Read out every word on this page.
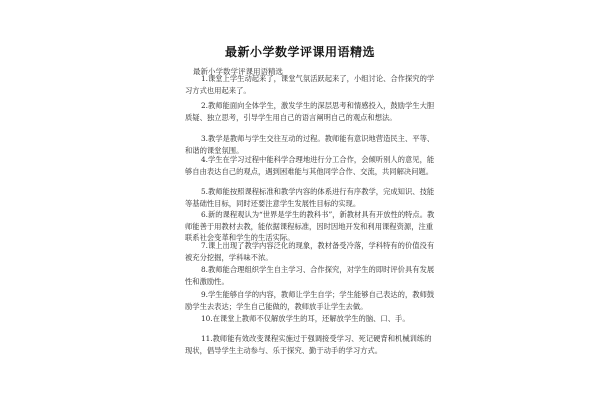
最新小学数学评课用语精选
最新小学数学评课用语精选

1.课堂上学生动起来了，课堂气氛活跃起来了，小组讨论、合作探究的学习方式也用起来了。

2.教师能面向全体学生，激发学生的深层思考和情感投入，鼓励学生大胆质疑、独立思考，引导学生用自己的语言阐明自己的观点和想法。

3.教学是教师与学生交往互动的过程。教师能有意识地营造民主、平等、和谐的课堂氛围。

4.学生在学习过程中能科学合理地进行分工合作，会倾听别人的意见，能够自由表达自己的观点，遇到困难能与其他同学合作、交流，共同解决问题。

5.教师能按照课程标准和教学内容的体系进行有序教学，完成知识、技能等基础性目标，同时还要注意学生发展性目标的实现。

6.新的课程观认为“世界是学生的教科书”，新教材具有开放性的特点。教师能善于用教材去教，能依据课程标准，因时因地开发和利用课程资源，注重联系社会变革和学生的生活实际。

7.课上出现了教学内容泛化的现象，教材备受冷落，学科特有的价值没有被充分挖掘，学科味不浓。

8.教师能合理组织学生自主学习、合作探究，对学生的即时评价具有发展性和激励性。

9.学生能够自学的内容，教师让学生自学；学生能够自己表达的，教师鼓励学生去表达；学生自己能做的，教师放手让学生去做。

10.在课堂上教师不仅解放学生的耳，还解放学生的脑、口、手。

11.教师能有效改变课程实施过于强调接受学习、死记硬背和机械训练的现状，倡导学生主动参与、乐于探究、勤于动手的学习方式。
